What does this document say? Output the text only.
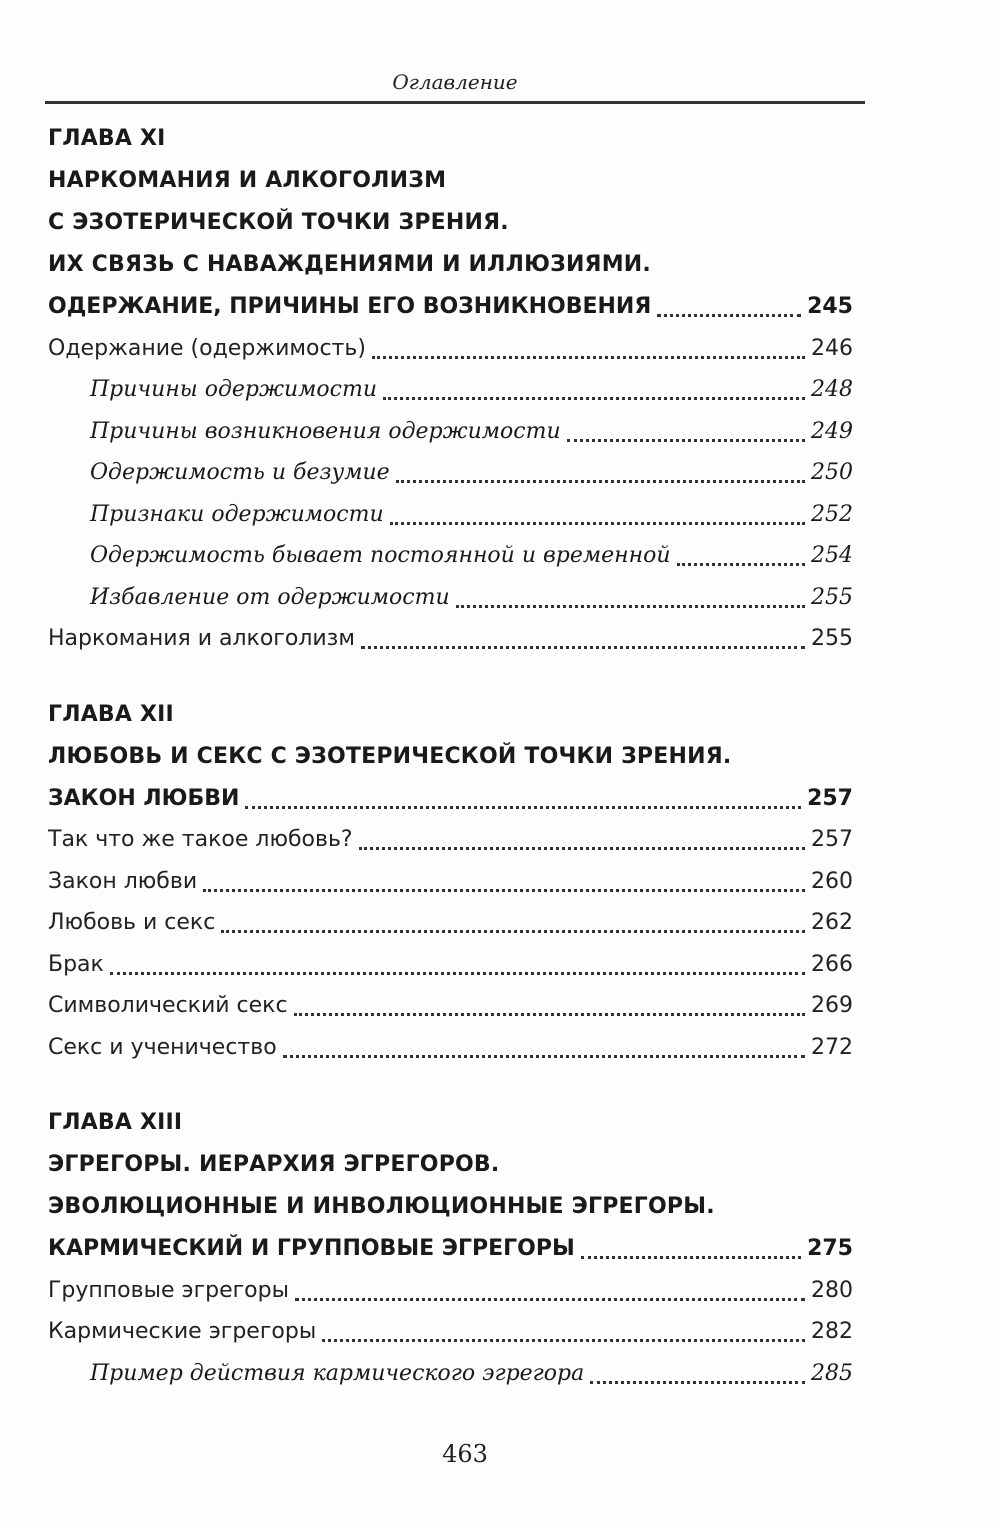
Оглавление
ГЛАВА XI
НАРКОМАНИЯ И АЛКОГОЛИЗМ
С ЭЗОТЕРИЧЕСКОЙ ТОЧКИ ЗРЕНИЯ.
ИХ СВЯЗЬ С НАВАЖДЕНИЯМИ И ИЛЛЮЗИЯМИ.
ОДЕРЖАНИЕ, ПРИЧИНЫ ЕГО ВОЗНИКНОВЕНИЯ	245
Одержание (одержимость)	246
Причины одержимости	248
Причины возникновения одержимости	249
Одержимость и безумие	250
Признаки одержимости	252
Одержимость бывает постоянной и временной	254
Избавление от одержимости	255
Наркомания и алкоголизм	255
ГЛАВА XII
ЛЮБОВЬ И СЕКС С ЭЗОТЕРИЧЕСКОЙ ТОЧКИ ЗРЕНИЯ.
ЗАКОН ЛЮБВИ	257
Так что же такое любовь?	257
Закон любви	260
Любовь и секс	262
Брак	266
Символический секс	269
Секс и ученичество	272
ГЛАВА XIII
ЭГРЕГОРЫ. ИЕРАРХИЯ ЭГРЕГОРОВ.
ЭВОЛЮЦИОННЫЕ И ИНВОЛЮЦИОННЫЕ ЭГРЕГОРЫ.
КАРМИЧЕСКИЙ И ГРУППОВЫЕ ЭГРЕГОРЫ	275
Групповые эгрегоры	280
Кармические эгрегоры	282
Пример действия кармического эгрегора	285
463
